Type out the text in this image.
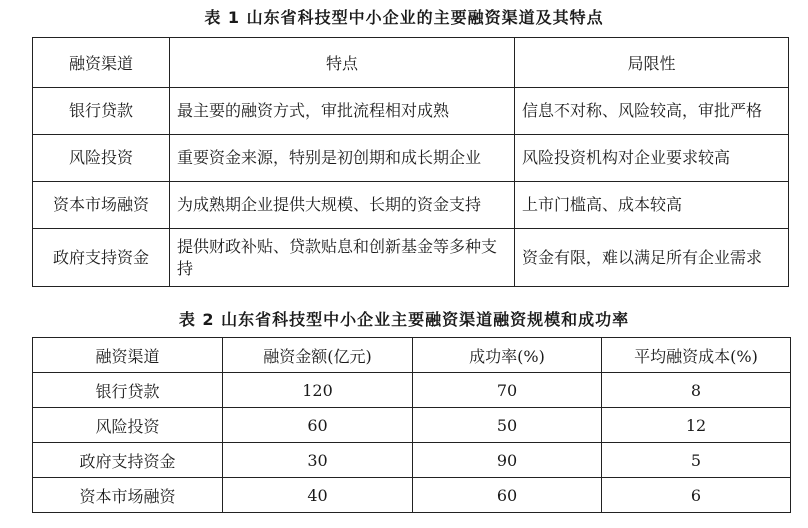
表 1 山东省科技型中小企业的主要融资渠道及其特点
融资渠道	特点	局限性
银行贷款	最主要的融资方式，审批流程相对成熟	信息不对称、风险较高，审批严格
风险投资	重要资金来源，特别是初创期和成长期企业	风险投资机构对企业要求较高
资本市场融资	为成熟期企业提供大规模、长期的资金支持	上市门槛高、成本较高
政府支持资金	提供财政补贴、贷款贴息和创新基金等多种支持	资金有限，难以满足所有企业需求
表 2 山东省科技型中小企业主要融资渠道融资规模和成功率
融资渠道	融资金额(亿元)	成功率(%)	平均融资成本(%)
银行贷款	120	70	8
风险投资	60	50	12
政府支持资金	30	90	5
资本市场融资	40	60	6
